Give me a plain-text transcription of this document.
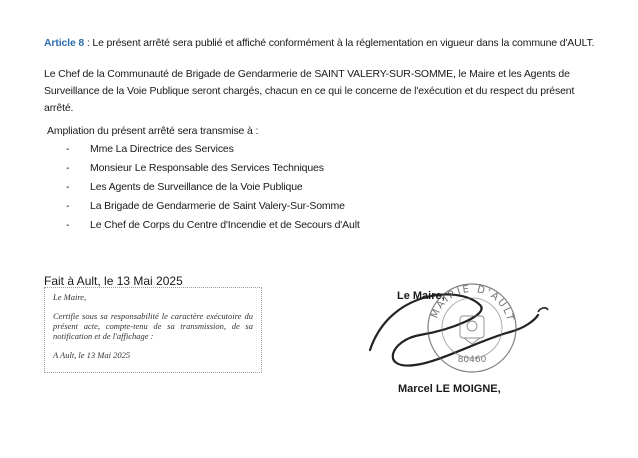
Article 8 : Le présent arrêté sera publié et affiché conformément à la réglementation en vigueur dans la commune d'AULT.
Le Chef de la Communauté de Brigade de Gendarmerie de SAINT VALERY-SUR-SOMME, le Maire et les Agents de Surveillance de la Voie Publique seront chargés, chacun en ce qui le concerne de l'exécution et du respect du présent arrêté.
Ampliation du présent arrêté sera transmise à :
-	Mme La Directrice des Services
-	Monsieur Le Responsable des Services Techniques
-	Les Agents de Surveillance de la Voie Publique
-	La Brigade de Gendarmerie de Saint Valery-Sur-Somme
-	Le Chef de Corps du Centre d'Incendie et de Secours d'Ault
Fait à Ault, le 13 Mai 2025
Le Maire,
Certifie sous sa responsabilité le caractère exécutoire du présent acte, compte-tenu de sa transmission, de sa notification et de l'affichage :
A Ault, le 13 Mai 2025
MAIRIE D'AULT
80460
Le Maire,
Marcel LE MOIGNE,
